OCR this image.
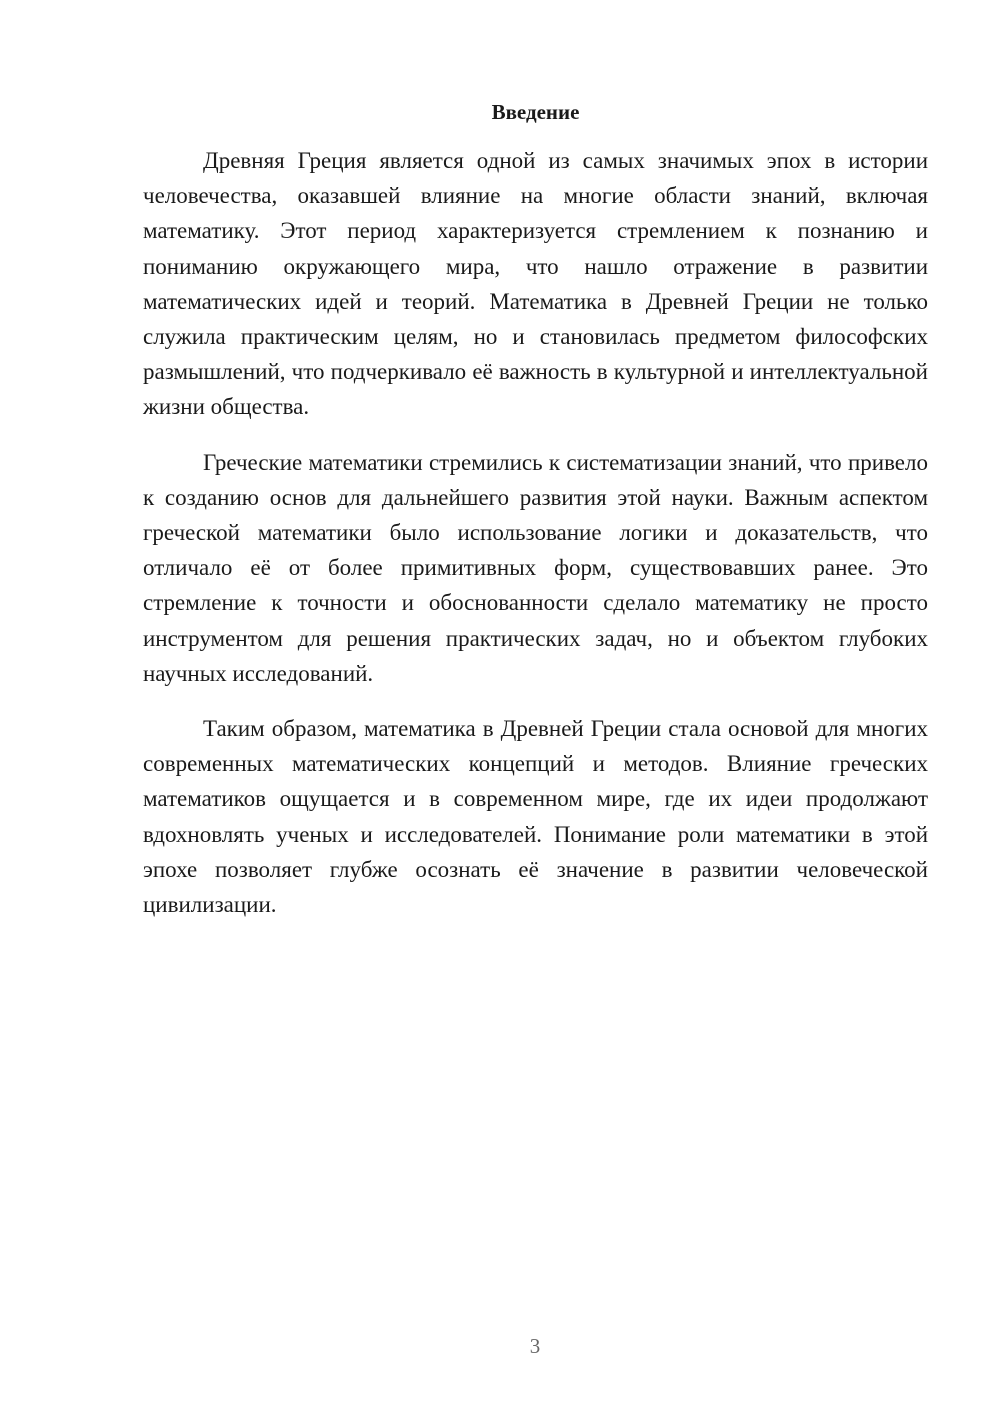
Введение

Древняя Греция является одной из самых значимых эпох в истории человечества, оказавшей влияние на многие области знаний, включая математику. Этот период характеризуется стремлением к познанию и пониманию окружающего мира, что нашло отражение в развитии математических идей и теорий. Математика в Древней Греции не только служила практическим целям, но и становилась предметом философских размышлений, что подчеркивало её важность в культурной и интеллектуальной жизни общества.

Греческие математики стремились к систематизации знаний, что привело к созданию основ для дальнейшего развития этой науки. Важным аспектом греческой математики было использование логики и доказательств, что отличало её от более примитивных форм, существовавших ранее. Это стремление к точности и обоснованности сделало математику не просто инструментом для решения практических задач, но и объектом глубоких научных исследований.

Таким образом, математика в Древней Греции стала основой для многих современных математических концепций и методов. Влияние греческих математиков ощущается и в современном мире, где их идеи продолжают вдохновлять ученых и исследователей. Понимание роли математики в этой эпохе позволяет глубже осознать её значение в развитии человеческой цивилизации.

3
